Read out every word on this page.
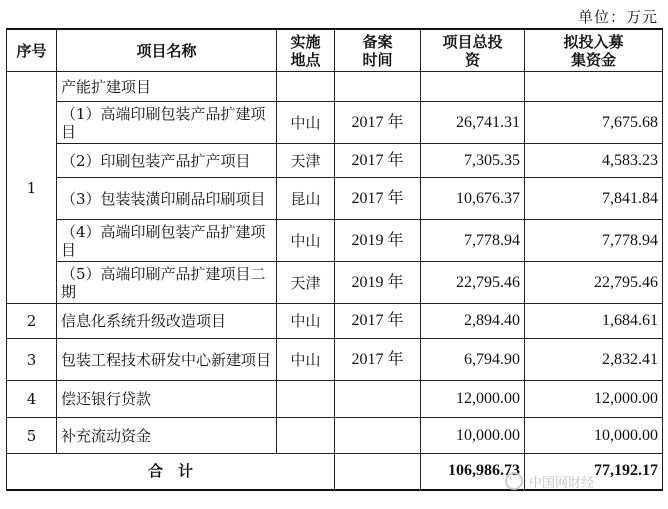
单位：万元
序号	项目名称	实施地点	备案时间	项目总投资	拟投入募集资金
1	产能扩建项目				
	（1）高端印刷包装产品扩建项目	中山	2017 年	26,741.31	7,675.68
	（2）印刷包装产品扩产项目	天津	2017 年	7,305.35	4,583.23
	（3）包装装潢印刷品印刷项目	昆山	2017 年	10,676.37	7,841.84
	（4）高端印刷包装产品扩建项目	中山	2019 年	7,778.94	7,778.94
	（5）高端印刷产品扩建项目二期	天津	2019 年	22,795.46	22,795.46
2	信息化系统升级改造项目	中山	2017 年	2,894.40	1,684.61
3	包装工程技术研发中心新建项目	中山	2017 年	6,794.90	2,832.41
4	偿还银行贷款			12,000.00	12,000.00
5	补充流动资金			10,000.00	10,000.00
合　计				106,986.73	77,192.17
中国网財经
